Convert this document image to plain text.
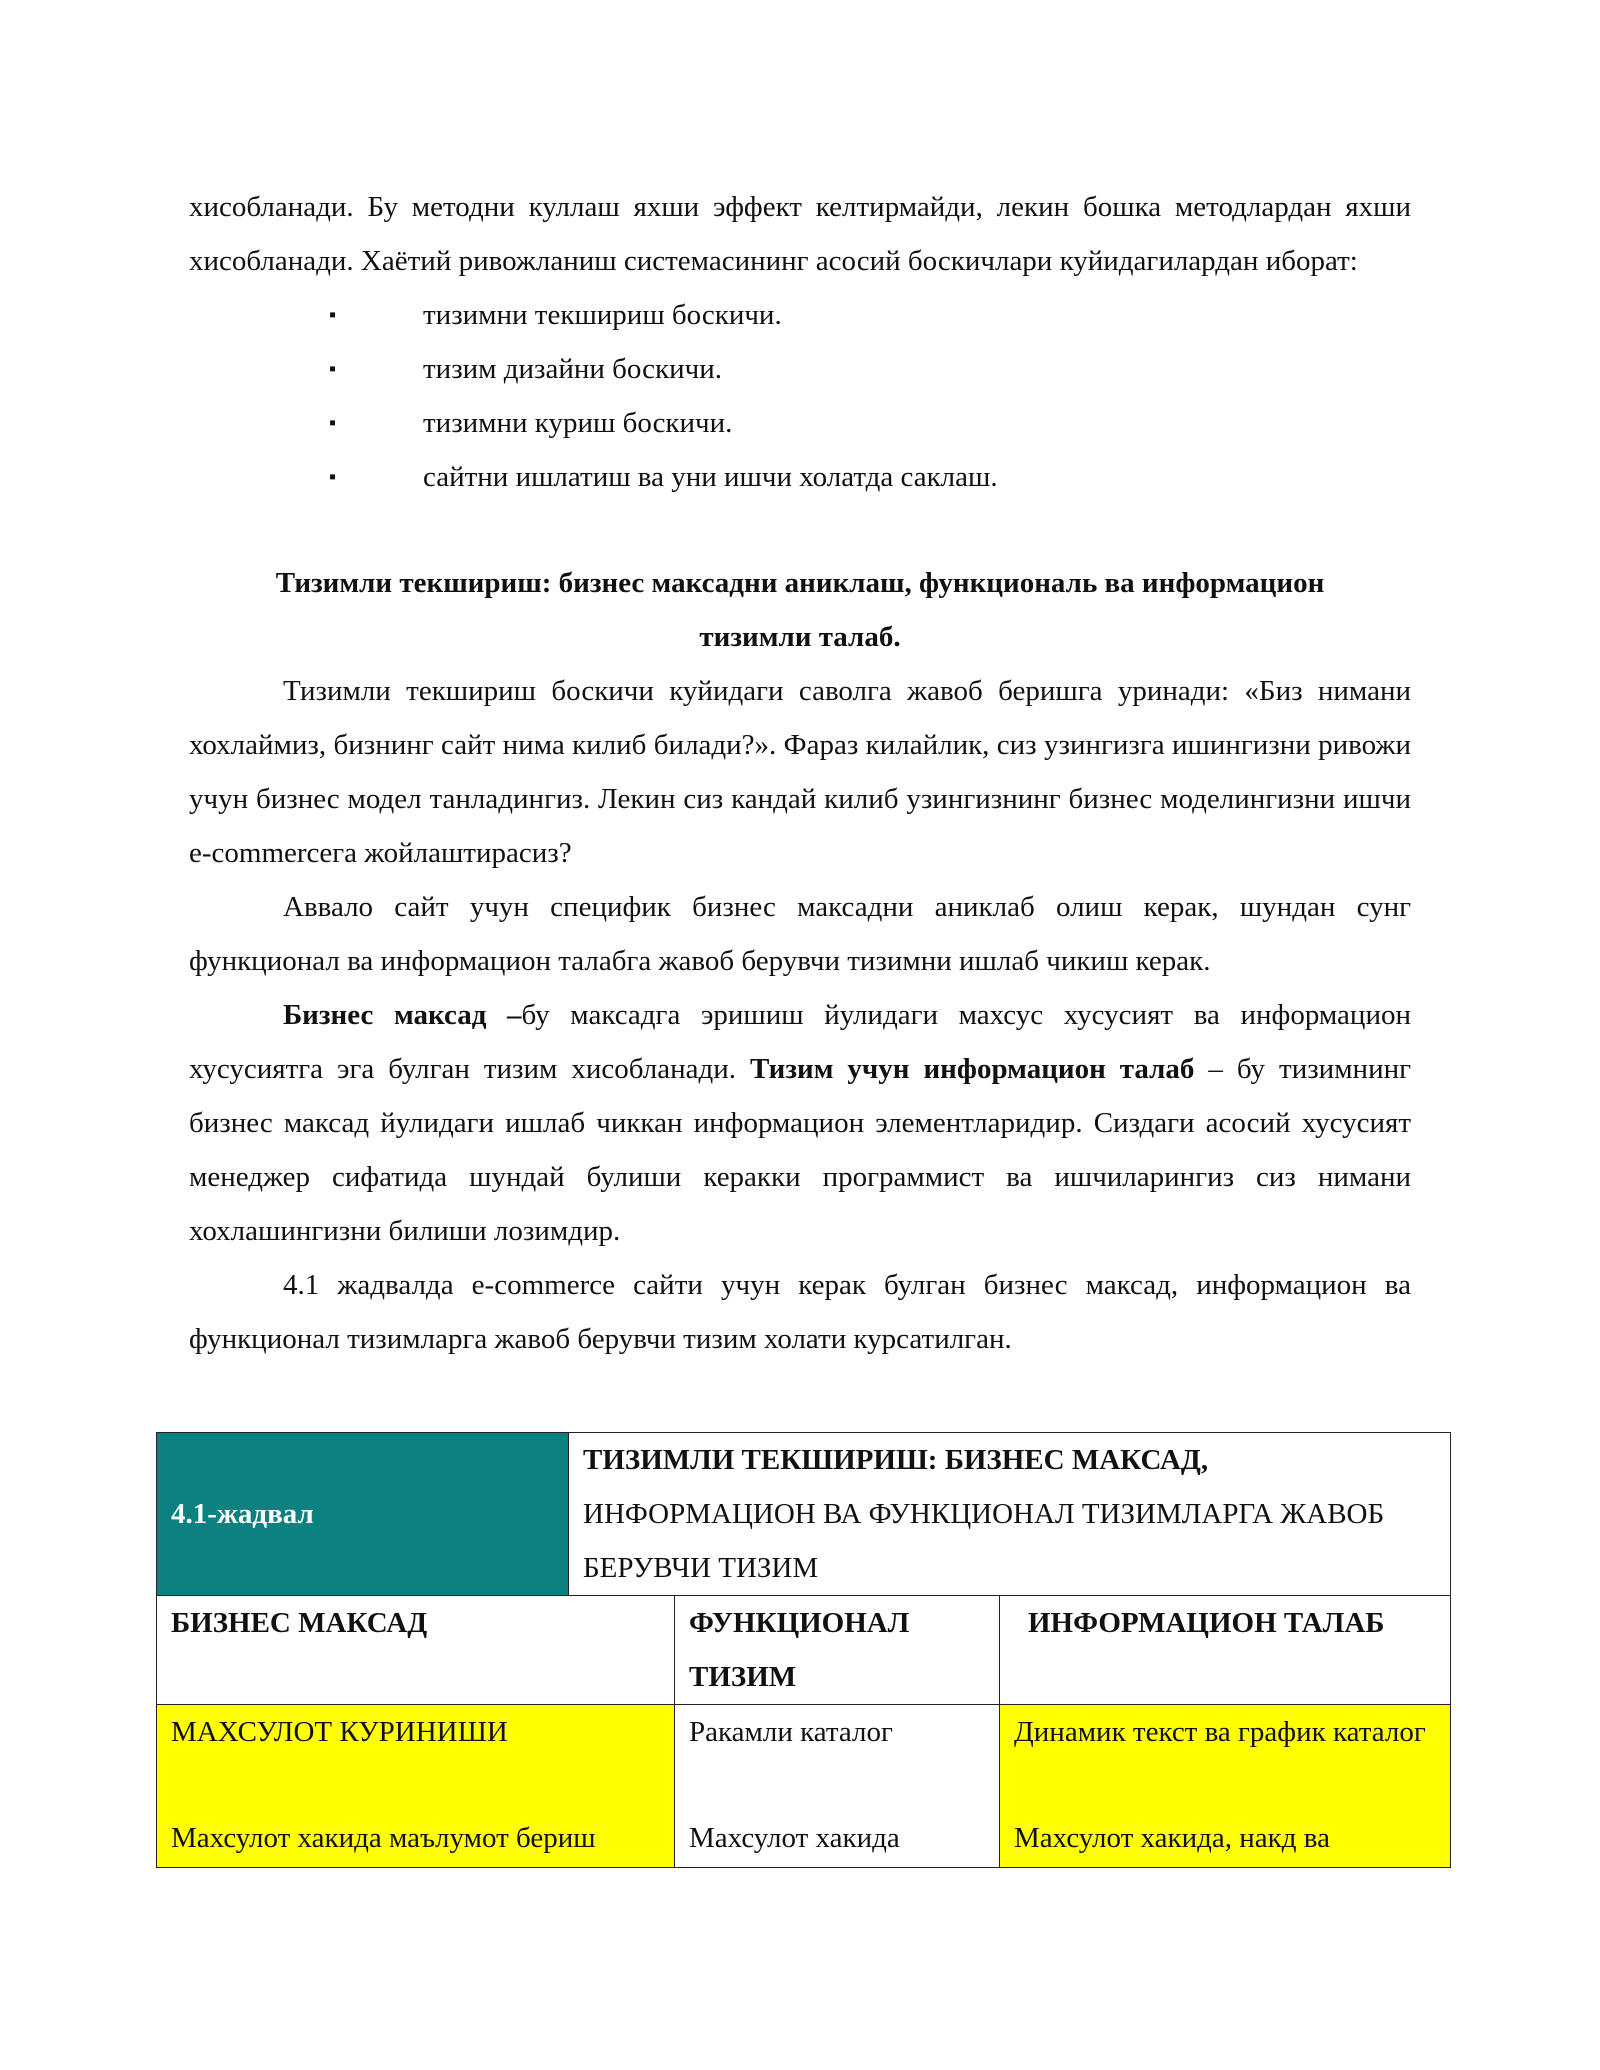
хисобланади. Бу методни куллаш яхши эффект келтирмайди, лекин бошка методлардан яхши хисобланади. Хаётий ривожланиш системасининг асосий боскичлари куйидагилардан иборат:

▪	тизимни текшириш боскичи.
▪	тизим дизайни боскичи.
▪	тизимни куриш боскичи.
▪	сайтни ишлатиш ва уни ишчи холатда саклаш.

Тизимли текшириш: бизнес максадни аниклаш, функциональ ва информацион
тизимли талаб.

Тизимли текшириш боскичи куйидаги саволга жавоб беришга уринади: «Биз нимани хохлаймиз, бизнинг сайт нима килиб билади?». Фараз килайлик, сиз узингизга ишингизни ривожи учун бизнес модел танладингиз. Лекин сиз кандай килиб узингизнинг бизнес моделингизни ишчи e-commerceга жойлаштирасиз?

Аввало сайт учун специфик бизнес максадни аниклаб олиш керак, шундан сунг функционал ва информацион талабга жавоб берувчи тизимни ишлаб чикиш керак.

Бизнес максад –бу максадга эришиш йулидаги махсус хусусият ва информацион хусусиятга эга булган тизим хисобланади. Тизим учун информацион талаб – бу тизимнинг бизнес максад йулидаги ишлаб чиккан информацион элементларидир. Сиздаги асосий хусусият менеджер сифатида шундай булиши керакки программист ва ишчиларингиз сиз нимани хохлашингизни билиши лозимдир.

4.1 жадвалда e-commerce сайти учун керак булган бизнес максад, информацион ва функционал тизимларга жавоб берувчи тизим холати курсатилган.

4.1-жадвал	ТИЗИМЛИ ТЕКШИРИШ: БИЗНЕС МАКСАД,
ИНФОРМАЦИОН ВА ФУНКЦИОНАЛ ТИЗИМЛАРГА ЖАВОБ БЕРУВЧИ ТИЗИМ		
БИЗНЕС МАКСАД		ФУНКЦИОНАЛ ТИЗИМ	ИНФОРМАЦИОН ТАЛАБ
МАХСУЛОТ КУРИНИШИ		Ракамли каталог	Динамик текст ва график каталог
Махсулот хакида маълумот бериш		Махсулот хакида	Махсулот хакида, накд ва
